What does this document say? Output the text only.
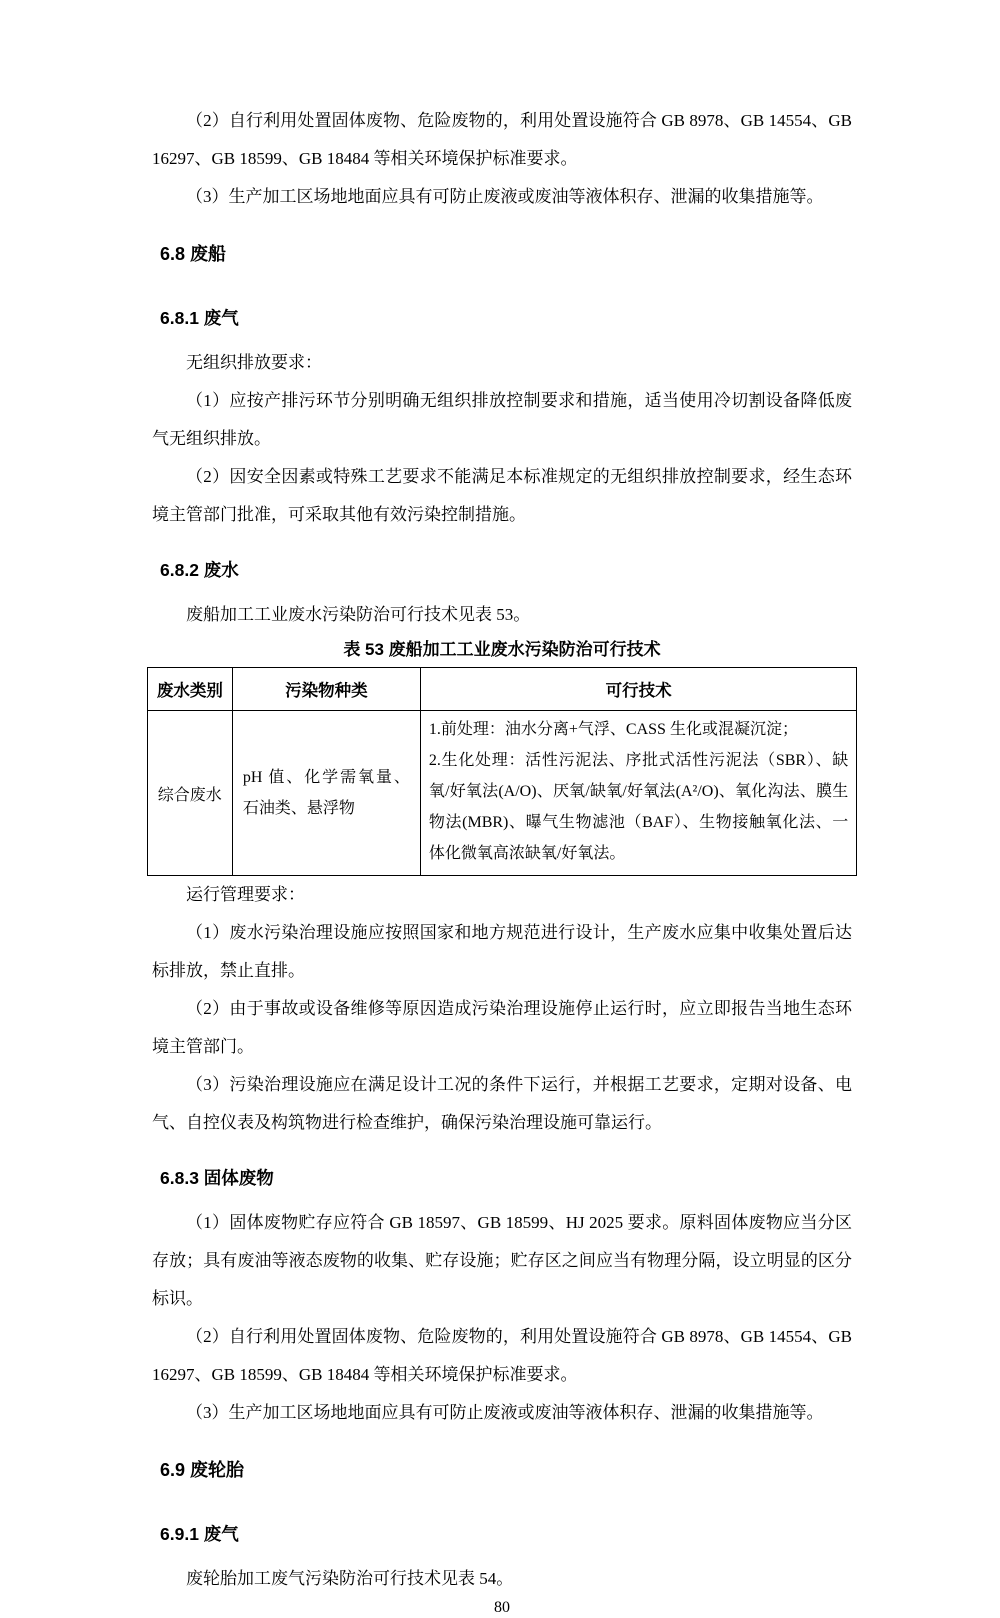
（2）自行利用处置固体废物、危险废物的，利用处置设施符合 GB 8978、GB 14554、GB 16297、GB 18599、GB 18484 等相关环境保护标准要求。

（3）生产加工区场地地面应具有可防止废液或废油等液体积存、泄漏的收集措施等。

6.8 废船
6.8.1 废气

无组织排放要求：

（1）应按产排污环节分别明确无组织排放控制要求和措施，适当使用冷切割设备降低废气无组织排放。

（2）因安全因素或特殊工艺要求不能满足本标准规定的无组织排放控制要求，经生态环境主管部门批准，可采取其他有效污染控制措施。

6.8.2 废水

废船加工工业废水污染防治可行技术见表 53。

表 53 废船加工工业废水污染防治可行技术
废水类别	污染物种类	可行技术
综合废水	pH 值、化学需氧量、石油类、悬浮物	1.前处理：油水分离+气浮、CASS 生化或混凝沉淀；
2.生化处理：活性污泥法、序批式活性污泥法（SBR）、缺氧/好氧法(A/O)、厌氧/缺氧/好氧法(A²/O)、氧化沟法、膜生物法(MBR)、曝气生物滤池（BAF）、生物接触氧化法、一体化微氧高浓缺氧/好氧法。

运行管理要求：

（1）废水污染治理设施应按照国家和地方规范进行设计，生产废水应集中收集处置后达标排放，禁止直排。

（2）由于事故或设备维修等原因造成污染治理设施停止运行时，应立即报告当地生态环境主管部门。

（3）污染治理设施应在满足设计工况的条件下运行，并根据工艺要求，定期对设备、电气、自控仪表及构筑物进行检查维护，确保污染治理设施可靠运行。

6.8.3 固体废物

（1）固体废物贮存应符合 GB 18597、GB 18599、HJ 2025 要求。原料固体废物应当分区存放；具有废油等液态废物的收集、贮存设施；贮存区之间应当有物理分隔，设立明显的区分标识。

（2）自行利用处置固体废物、危险废物的，利用处置设施符合 GB 8978、GB 14554、GB 16297、GB 18599、GB 18484 等相关环境保护标准要求。

（3）生产加工区场地地面应具有可防止废液或废油等液体积存、泄漏的收集措施等。

6.9 废轮胎
6.9.1 废气

废轮胎加工废气污染防治可行技术见表 54。

80
